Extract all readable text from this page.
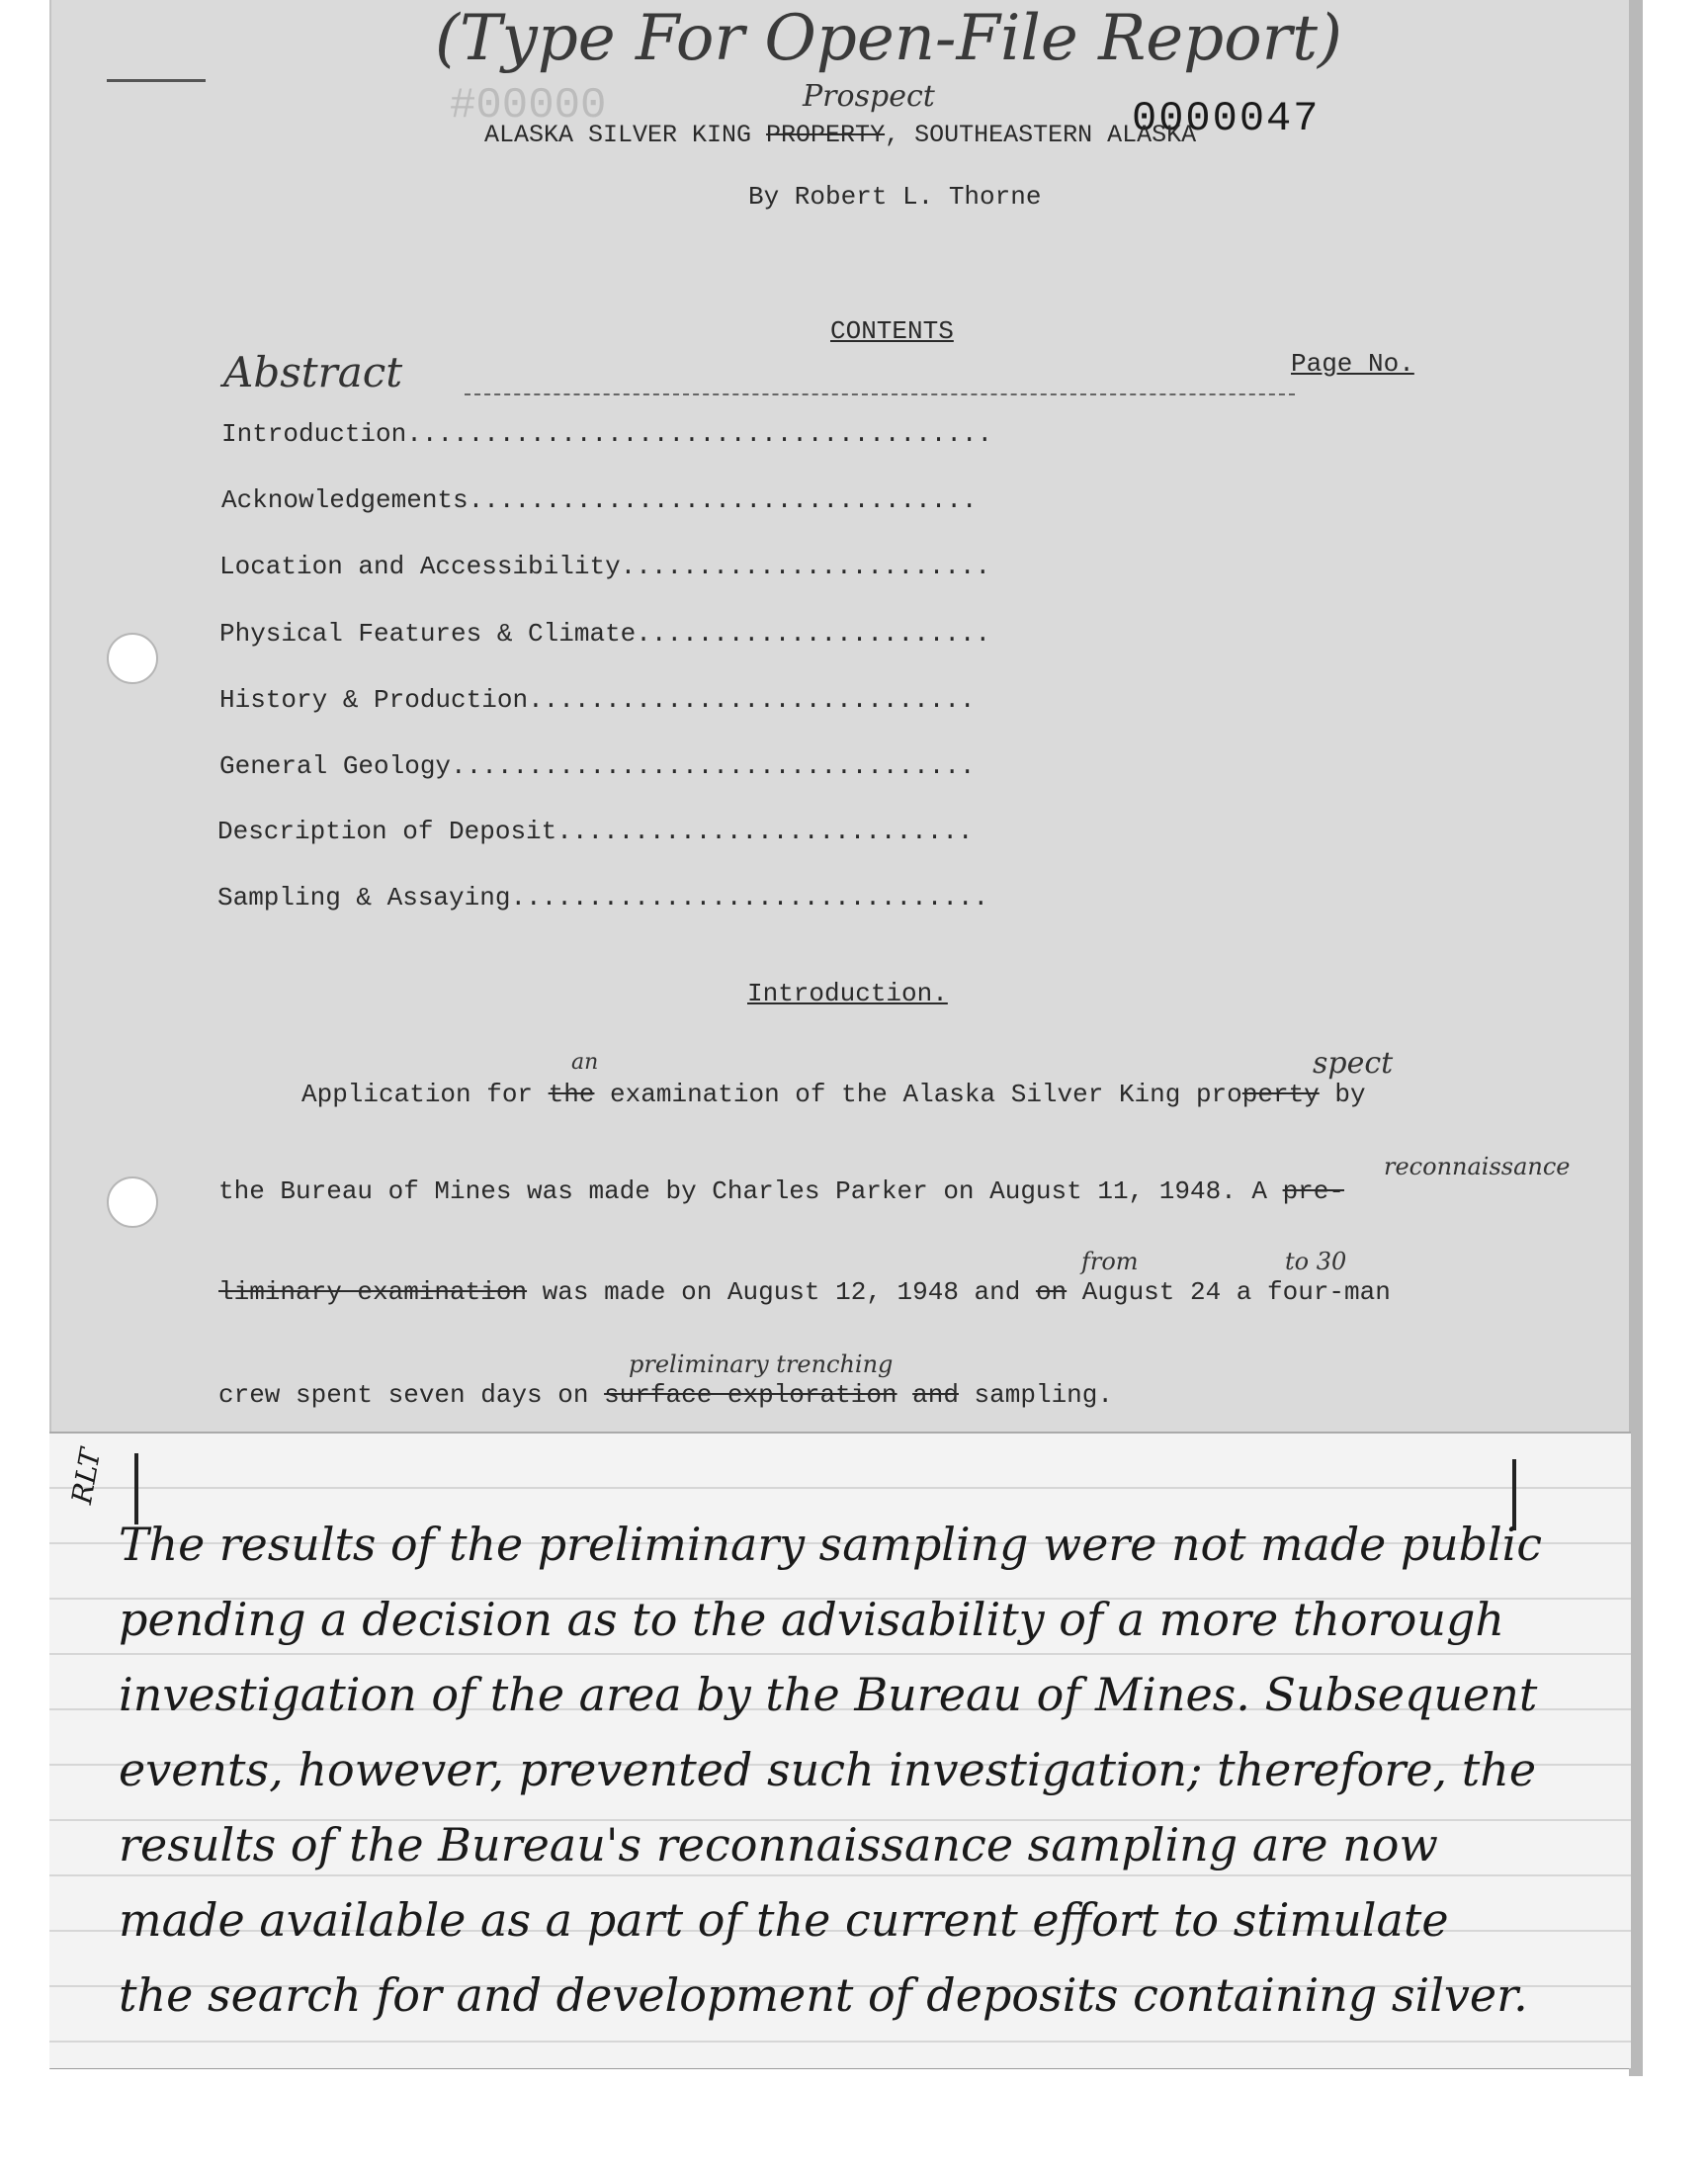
(Type For Open-File Report)
#00000	0000047
ALASKA SILVER KING PROPERTY, SOUTHEASTERN ALASKA
Prospect
By Robert L. Thorne
CONTENTS
Page No.
Abstract
Introduction......................................
Acknowledgements.................................
Location and Accessibility........................
Physical Features & Climate.......................
History & Production.............................
General Geology..................................
Description of Deposit...........................
Sampling & Assaying...............................
Introduction.
Application for the examination of the Alaska Silver King property by
an	spect
the Bureau of Mines was made by Charles Parker on August 11, 1948. A pre-
reconnaissance
liminary examination was made on August 12, 1948 and on August 24 a four-man
from	to 30
crew spent seven days on surface exploration and sampling.
preliminary trenching
RLT
The results of the preliminary sampling were not made public
pending a decision as to the advisability of a more thorough
investigation of the area by the Bureau of Mines. Subsequent
events, however, prevented such investigation; therefore, the
results of the Bureau's reconnaissance sampling are now
made available as a part of the current effort to stimulate
the search for and development of deposits containing silver.
